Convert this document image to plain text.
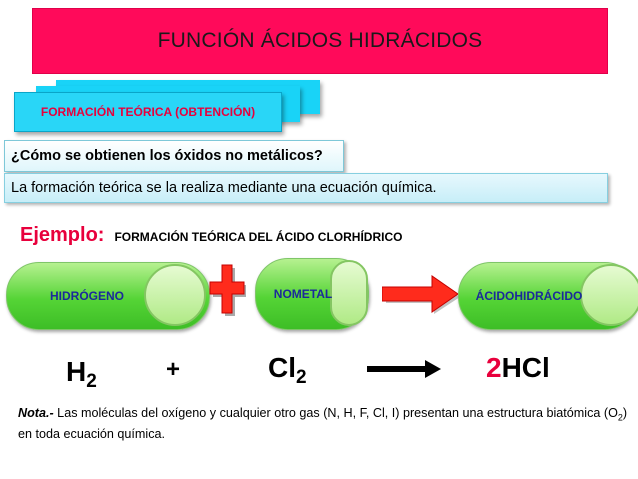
FUNCIÓN ÁCIDOS HIDRÁCIDOS
FORMACIÓN TEÓRICA (OBTENCIÓN)
¿Cómo se obtienen los óxidos no metálicos?
La formación teórica se la realiza mediante una ecuación química.
Ejemplo: FORMACIÓN TEÓRICA DEL ÁCIDO CLORHÍDRICO
HIDRÓGENO	NO METAL	ÁCIDO HIDRÁCIDO
$H_2$	+	$Cl_2$	2HCl
Nota.- Las moléculas del oxígeno y cualquier otro gas (N, H, F, Cl, I) presentan una estructura biatómica $(O_2)$ en toda ecuación química.
